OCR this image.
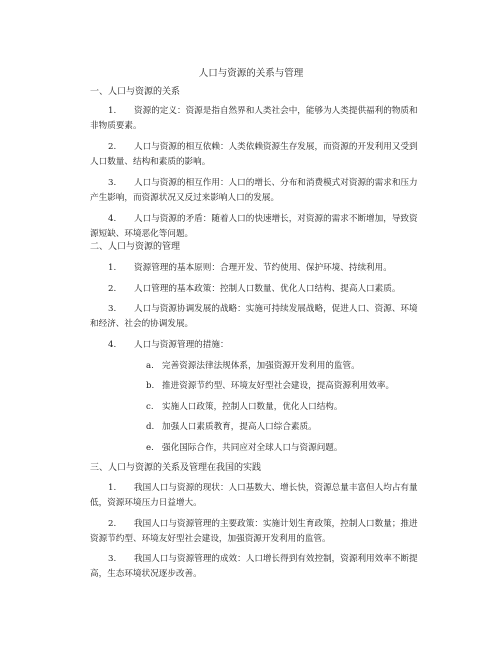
人口与资源的关系与管理
一、人口与资源的关系
1. 资源的定义：资源是指自然界和人类社会中，能够为人类提供福利的物质和非物质要素。
2. 人口与资源的相互依赖：人类依赖资源生存发展，而资源的开发利用又受到人口数量、结构和素质的影响。
3. 人口与资源的相互作用：人口的增长、分布和消费模式对资源的需求和压力产生影响，而资源状况又反过来影响人口的发展。
4. 人口与资源的矛盾：随着人口的快速增长，对资源的需求不断增加，导致资源短缺、环境恶化等问题。
二、人口与资源的管理
1. 资源管理的基本原则：合理开发、节约使用、保护环境、持续利用。
2. 人口管理的基本政策：控制人口数量、优化人口结构、提高人口素质。
3. 人口与资源协调发展的战略：实施可持续发展战略，促进人口、资源、环境和经济、社会的协调发展。
4. 人口与资源管理的措施：
a. 完善资源法律法规体系，加强资源开发利用的监管。
b. 推进资源节约型、环境友好型社会建设，提高资源利用效率。
c. 实施人口政策，控制人口数量，优化人口结构。
d. 加强人口素质教育，提高人口综合素质。
e. 强化国际合作，共同应对全球人口与资源问题。
三、人口与资源的关系及管理在我国的实践
1. 我国人口与资源的现状：人口基数大、增长快，资源总量丰富但人均占有量低，资源环境压力日益增大。
2. 我国人口与资源管理的主要政策：实施计划生育政策，控制人口数量；推进资源节约型、环境友好型社会建设，加强资源开发利用的监管。
3. 我国人口与资源管理的成效：人口增长得到有效控制，资源利用效率不断提高，生态环境状况逐步改善。
